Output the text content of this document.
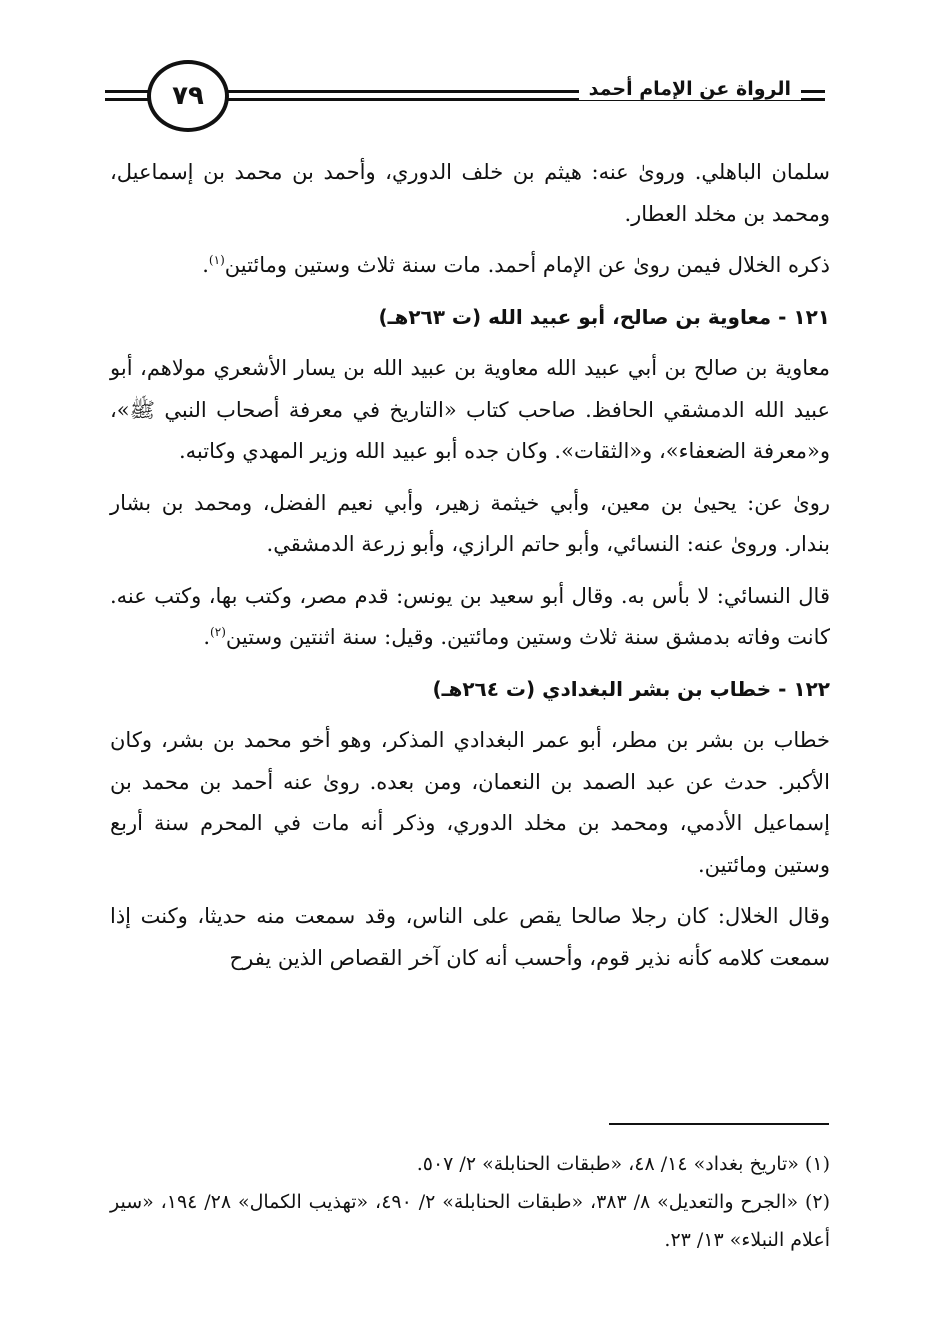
الرواة عن الإمام أحمد
٧٩

سلمان الباهلي. وروىٰ عنه: هيثم بن خلف الدوري، وأحمد بن محمد بن إسماعيل، ومحمد بن مخلد العطار.

ذكره الخلال فيمن روىٰ عن الإمام أحمد. مات سنة ثلاث وستين ومائتين$^{(١)}$.

١٢١ - معاوية بن صالح، أبو عبيد الله (ت ٢٦٣هـ)

معاوية بن صالح بن أبي عبيد الله معاوية بن عبيد الله بن يسار الأشعري مولاهم، أبو عبيد الله الدمشقي الحافظ. صاحب كتاب «التاريخ في معرفة أصحاب النبي ﷺ»، و«معرفة الضعفاء»، و«الثقات». وكان جده أبو عبيد الله وزير المهدي وكاتبه.

روىٰ عن: يحيىٰ بن معين، وأبي خيثمة زهير، وأبي نعيم الفضل، ومحمد بن بشار بندار. وروىٰ عنه: النسائي، وأبو حاتم الرازي، وأبو زرعة الدمشقي.

قال النسائي: لا بأس به. وقال أبو سعيد بن يونس: قدم مصر، وكتب بها، وكتب عنه. كانت وفاته بدمشق سنة ثلاث وستين ومائتين. وقيل: سنة اثنتين وستين$^{(٢)}$.

١٢٢ - خطاب بن بشر البغدادي (ت ٢٦٤هـ)

خطاب بن بشر بن مطر، أبو عمر البغدادي المذكر، وهو أخو محمد بن بشر، وكان الأكبر. حدث عن عبد الصمد بن النعمان، ومن بعده. روىٰ عنه أحمد بن محمد بن إسماعيل الأدمي، ومحمد بن مخلد الدوري، وذكر أنه مات في المحرم سنة أربع وستين ومائتين.

وقال الخلال: كان رجلا صالحا يقص على الناس، وقد سمعت منه حديثا، وكنت إذا سمعت كلامه كأنه نذير قوم، وأحسب أنه كان آخر القصاص الذين يفرح

(١) «تاريخ بغداد» ١٤/ ٤٨، «طبقات الحنابلة» ٢/ ٥٠٧.

(٢) «الجرح والتعديل» ٨/ ٣٨٣، «طبقات الحنابلة» ٢/ ٤٩٠، «تهذيب الكمال» ٢٨/ ١٩٤، «سير أعلام النبلاء» ١٣/ ٢٣.
